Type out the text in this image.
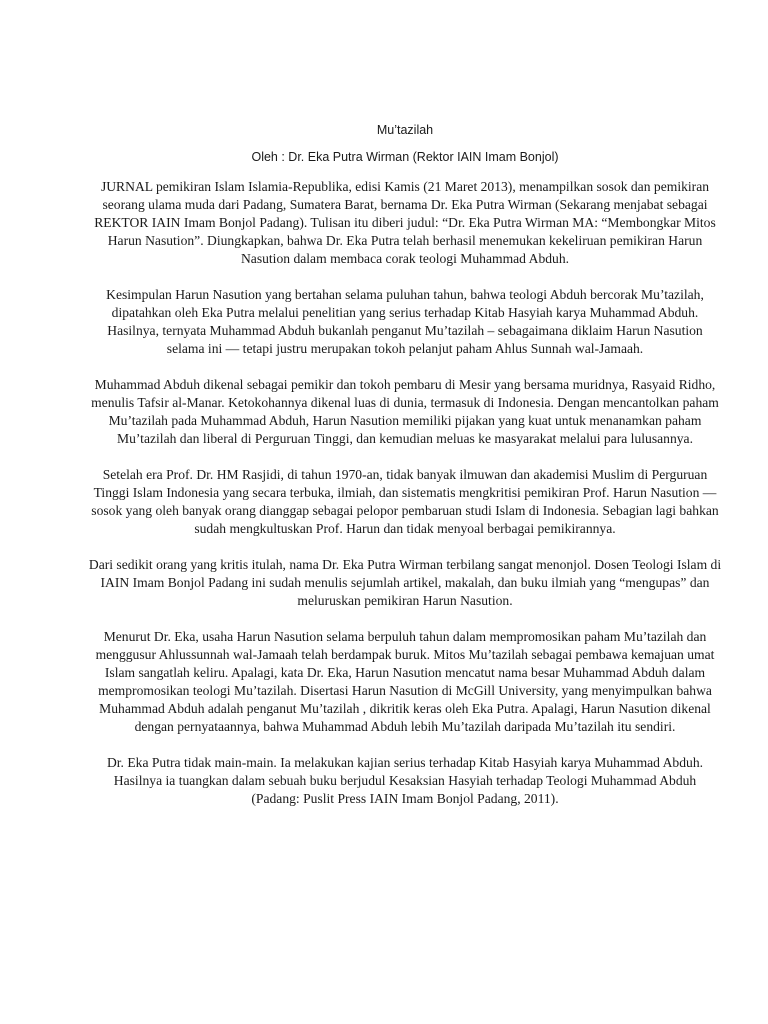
Mu’tazilah
Oleh : Dr. Eka Putra Wirman (Rektor IAIN Imam Bonjol)

JURNAL pemikiran Islam Islamia-Republika, edisi Kamis (21 Maret 2013), menampilkan sosok dan pemikiran seorang ulama muda dari Padang, Sumatera Barat, bernama Dr. Eka Putra Wirman (Sekarang menjabat sebagai REKTOR IAIN Imam Bonjol Padang). Tulisan itu diberi judul: “Dr. Eka Putra Wirman MA: “Membongkar Mitos Harun Nasution”. Diungkapkan, bahwa Dr. Eka Putra telah berhasil menemukan kekeliruan pemikiran Harun Nasution dalam membaca corak teologi Muhammad Abduh.

Kesimpulan Harun Nasution yang bertahan selama puluhan tahun, bahwa teologi Abduh bercorak Mu’tazilah, dipatahkan oleh Eka Putra melalui penelitian yang serius terhadap Kitab Hasyiah karya Muhammad Abduh. Hasilnya, ternyata Muhammad Abduh bukanlah penganut Mu’tazilah – sebagaimana diklaim Harun Nasution selama ini — tetapi justru merupakan tokoh pelanjut paham Ahlus Sunnah wal-Jamaah.

Muhammad Abduh dikenal sebagai pemikir dan tokoh pembaru di Mesir yang bersama muridnya, Rasyaid Ridho, menulis Tafsir al-Manar. Ketokohannya dikenal luas di dunia, termasuk di Indonesia. Dengan mencantolkan paham Mu’tazilah pada Muhammad Abduh, Harun Nasution memiliki pijakan yang kuat untuk menanamkan paham Mu’tazilah dan liberal di Perguruan Tinggi, dan kemudian meluas ke masyarakat melalui para lulusannya.

Setelah era Prof. Dr. HM Rasjidi, di tahun 1970-an, tidak banyak ilmuwan dan akademisi Muslim di Perguruan Tinggi Islam Indonesia yang secara terbuka, ilmiah, dan sistematis mengkritisi pemikiran Prof. Harun Nasution — sosok yang oleh banyak orang dianggap sebagai pelopor pembaruan studi Islam di Indonesia. Sebagian lagi bahkan sudah mengkultuskan Prof. Harun dan tidak menyoal berbagai pemikirannya.

Dari sedikit orang yang kritis itulah, nama Dr. Eka Putra Wirman terbilang sangat menonjol. Dosen Teologi Islam di IAIN Imam Bonjol Padang ini sudah menulis sejumlah artikel, makalah, dan buku ilmiah yang “mengupas” dan meluruskan pemikiran Harun Nasution.

Menurut Dr. Eka, usaha Harun Nasution selama berpuluh tahun dalam mempromosikan paham Mu’tazilah dan menggusur Ahlussunnah wal-Jamaah telah berdampak buruk. Mitos Mu’tazilah sebagai pembawa kemajuan umat Islam sangatlah keliru. Apalagi, kata Dr. Eka, Harun Nasution mencatut nama besar Muhammad Abduh dalam mempromosikan teologi Mu’tazilah. Disertasi Harun Nasution di McGill University, yang menyimpulkan bahwa Muhammad Abduh adalah penganut Mu’tazilah , dikritik keras oleh Eka Putra. Apalagi, Harun Nasution dikenal dengan pernyataannya, bahwa Muhammad Abduh lebih Mu’tazilah daripada Mu’tazilah itu sendiri.

Dr. Eka Putra tidak main-main. Ia melakukan kajian serius terhadap Kitab Hasyiah karya Muhammad Abduh. Hasilnya ia tuangkan dalam sebuah buku berjudul Kesaksian Hasyiah terhadap Teologi Muhammad Abduh (Padang: Puslit Press IAIN Imam Bonjol Padang, 2011).
